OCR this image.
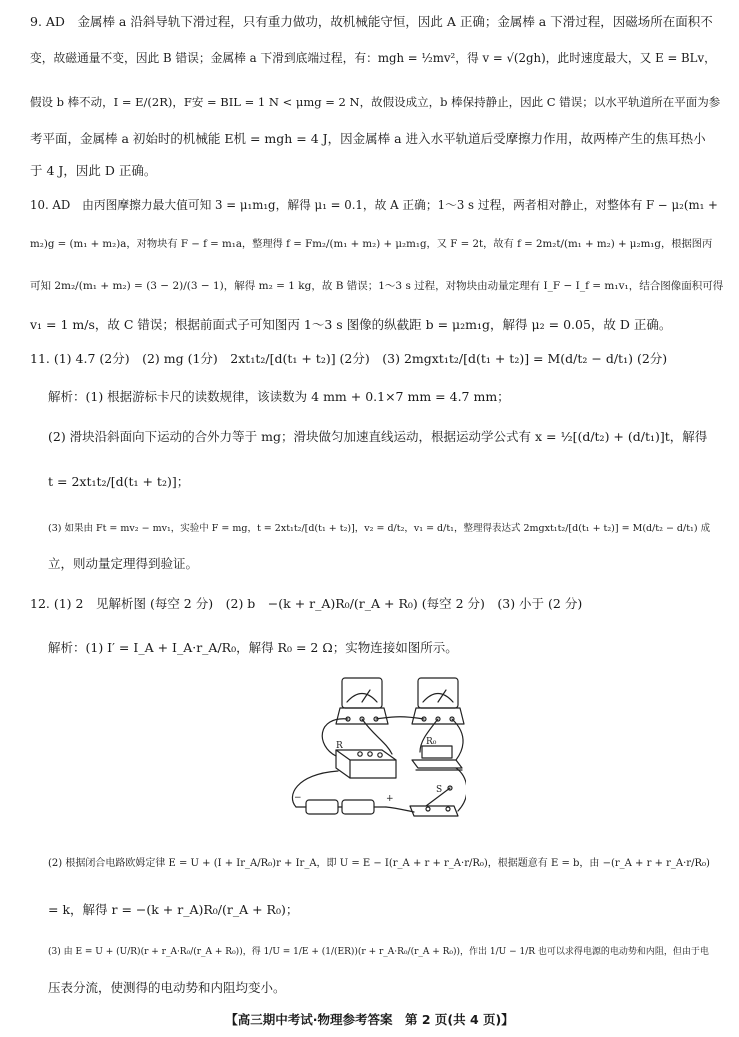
9. AD　金属棒 a 沿斜导轨下滑过程，只有重力做功，故机械能守恒，因此 A 正确；金属棒 a 下滑过程，因磁场所在面积不
变，故磁通量不变，因此 B 错误；金属棒 a 下滑到底端过程，有：mgh = ½mv²，得 v = √(2gh)，此时速度最大，又 E = BLv，
假设 b 棒不动，I = E/(2R)，F安 = BIL = 1 N < μmg = 2 N，故假设成立，b 棒保持静止，因此 C 错误；以水平轨道所在平面为参
考平面，金属棒 a 初始时的机械能 E机 = mgh = 4 J，因金属棒 a 进入水平轨道后受摩擦力作用，故两棒产生的焦耳热小
于 4 J，因此 D 正确。
10. AD　由丙图摩擦力最大值可知 3 = μ₁m₁g，解得 μ₁ = 0.1，故 A 正确；1～3 s 过程，两者相对静止，对整体有 F − μ₂(m₁ +
m₂)g = (m₁ + m₂)a，对物块有 F − f = m₁a，整理得 f = Fm₂/(m₁ + m₂) + μ₂m₁g，又 F = 2t，故有 f = 2m₂t/(m₁ + m₂) + μ₂m₁g，根据图丙
可知 2m₂/(m₁ + m₂) = (3 − 2)/(3 − 1)，解得 m₂ = 1 kg，故 B 错误；1～3 s 过程，对物块由动量定理有 I_F − I_f = m₁v₁，结合图像面积可得
v₁ = 1 m/s，故 C 错误；根据前面式子可知图丙 1～3 s 图像的纵截距 b = μ₂m₁g，解得 μ₂ = 0.05，故 D 正确。
11. (1) 4.7 (2分)　(2) mg (1分)　2xt₁t₂/[d(t₁ + t₂)] (2分)　(3) 2mgxt₁t₂/[d(t₁ + t₂)] = M(d/t₂ − d/t₁) (2分)
解析：(1) 根据游标卡尺的读数规律，该读数为 4 mm + 0.1×7 mm = 4.7 mm；
(2) 滑块沿斜面向下运动的合外力等于 mg；滑块做匀加速直线运动，根据运动学公式有 x = ½[(d/t₂) + (d/t₁)]t，解得
t = 2xt₁t₂/[d(t₁ + t₂)]；
(3) 如果由 Ft = mv₂ − mv₁，实验中 F = mg，t = 2xt₁t₂/[d(t₁ + t₂)]，v₂ = d/t₂，v₁ = d/t₁，整理得表达式 2mgxt₁t₂/[d(t₁ + t₂)] = M(d/t₂ − d/t₁) 成
立，则动量定理得到验证。
12. (1) 2　见解析图 (每空 2 分)　(2) b　−(k + r_A)R₀/(r_A + R₀) (每空 2 分)　(3) 小于 (2 分)
解析：(1) I′ = I_A + I_A·r_A/R₀，解得 R₀ = 2 Ω；实物连接如图所示。
R	R₀
S
−	+
(2) 根据闭合电路欧姆定律 E = U + (I + Ir_A/R₀)r + Ir_A，即 U = E − I(r_A + r + r_A·r/R₀)，根据题意有 E = b，由 −(r_A + r + r_A·r/R₀)
= k，解得 r = −(k + r_A)R₀/(r_A + R₀)；
(3) 由 E = U + (U/R)(r + r_A·R₀/(r_A + R₀))，得 1/U = 1/E + (1/(ER))(r + r_A·R₀/(r_A + R₀))，作出 1/U − 1/R 也可以求得电源的电动势和内阻，但由于电
压表分流，使测得的电动势和内阻均变小。
【高三期中考试·物理参考答案　第 2 页(共 4 页)】
